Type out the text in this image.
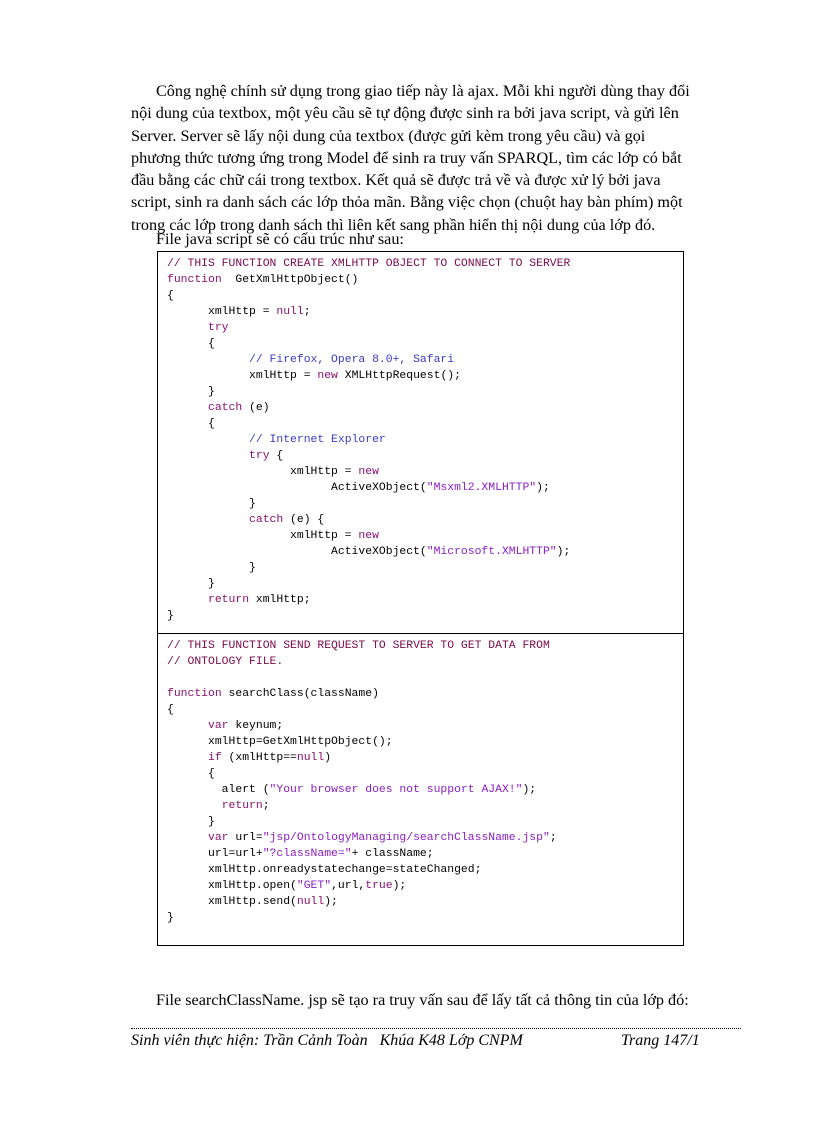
Công nghệ chính sử dụng trong giao tiếp này là ajax. Mỗi khi người dùng thay đổi
nội dung của textbox, một yêu cầu sẽ tự động được sinh ra bởi java script, và gửi lên
Server. Server sẽ lấy nội dung của textbox (được gửi kèm trong yêu cầu) và gọi
phương thức tương ứng trong Model để sinh ra truy vấn SPARQL, tìm các lớp có bắt
đầu bằng các chữ cái trong textbox. Kết quả sẽ được trả về và được xử lý bởi java
script, sinh ra danh sách các lớp thỏa mãn. Bằng việc chọn (chuột hay bàn phím) một
trong các lớp trong danh sách thì liên kết sang phần hiển thị nội dung của lớp đó.

File java script sẽ có cấu trúc như sau:

// THIS FUNCTION CREATE XMLHTTP OBJECT TO CONNECT TO SERVER
function  GetXmlHttpObject()
{
xmlHttp = null;
try
{
// Firefox, Opera 8.0+, Safari
xmlHttp = new XMLHttpRequest();
}
catch (e)
{
// Internet Explorer
try {
xmlHttp = new
ActiveXObject("Msxml2.XMLHTTP");
}
catch (e) {
xmlHttp = new
ActiveXObject("Microsoft.XMLHTTP");
}
}
return xmlHttp;
}
// THIS FUNCTION SEND REQUEST TO SERVER TO GET DATA FROM
// ONTOLOGY FILE.
function searchClass(className)
{
var keynum;
xmlHttp=GetXmlHttpObject();
if (xmlHttp==null)
{
alert ("Your browser does not support AJAX!");
return;
}
var url="jsp/OntologyManaging/searchClassName.jsp";
url=url+"?className="+ className;
xmlHttp.onreadystatechange=stateChanged;
xmlHttp.open("GET",url,true);
xmlHttp.send(null);
}

File searchClassName. jsp sẽ tạo ra truy vấn sau để lấy tất cả thông tin của lớp đó:

Sinh viên thực hiện: Trần Cảnh Toàn   Khúa K48 Lớp CNPM	Trang 147/1
